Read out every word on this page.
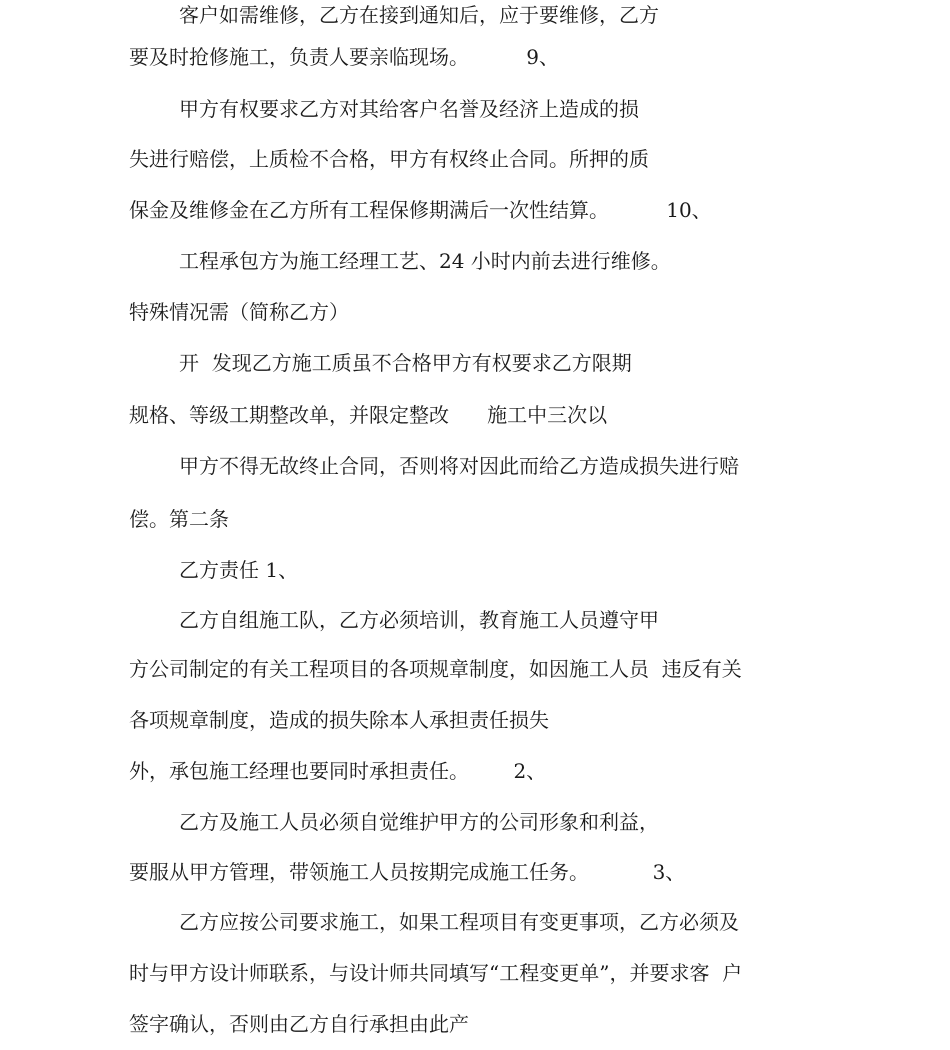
客户如需维修，乙方在接到通知后，应于要维修，乙方
要及时抢修施工，负责人要亲临现场。         9、
甲方有权要求乙方对其给客户名誉及经济上造成的损
失进行赔偿，上质检不合格，甲方有权终止合同。所押的质
保金及维修金在乙方所有工程保修期满后一次性结算。         10、
工程承包方为施工经理工艺、24 小时内前去进行维修。
特殊情况需（简称乙方）
开  发现乙方施工质虽不合格甲方有权要求乙方限期
规格、等级工期整改单，并限定整改      施工中三次以
甲方不得无故终止合同，否则将对因此而给乙方造成损失进行赔
偿。第二条
乙方责任 1、
乙方自组施工队，乙方必须培训，教育施工人员遵守甲
方公司制定的有关工程项目的各项规章制度，如因施工人员  违反有关
各项规章制度，造成的损失除本人承担责任损失
外，承包施工经理也要同时承担责任。       2、
乙方及施工人员必须自觉维护甲方的公司形象和利益，
要服从甲方管理，带领施工人员按期完成施工任务。          3、
乙方应按公司要求施工，如果工程项目有变更事项，乙方必须及
时与甲方设计师联系，与设计师共同填写“工程变更单”，并要求客  户
签字确认，否则由乙方自行承担由此产
